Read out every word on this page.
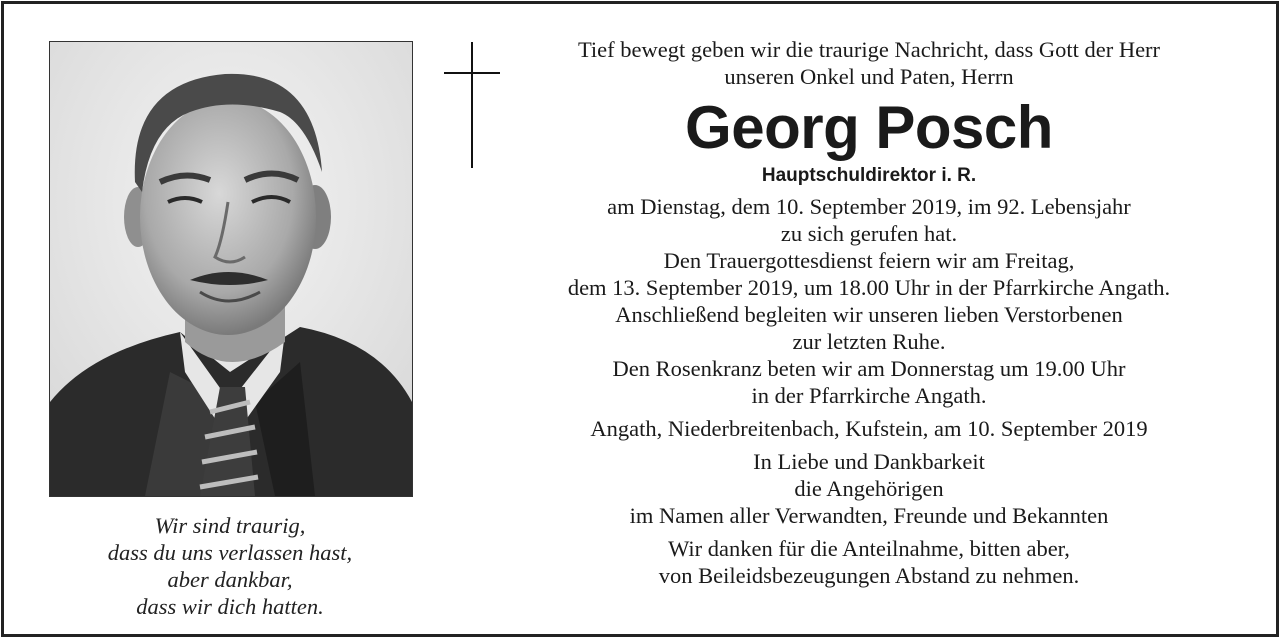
Wir sind traurig,
dass du uns verlassen hast,
aber dankbar,
dass wir dich hatten.
Tief bewegt geben wir die traurige Nachricht, dass Gott der Herr
unseren Onkel und Paten, Herrn
Georg Posch
Hauptschuldirektor i. R.
am Dienstag, dem 10. September 2019, im 92. Lebensjahr
zu sich gerufen hat.
Den Trauergottesdienst feiern wir am Freitag,
dem 13. September 2019, um 18.00 Uhr in der Pfarrkirche Angath.
Anschließend begleiten wir unseren lieben Verstorbenen
zur letzten Ruhe.
Den Rosenkranz beten wir am Donnerstag um 19.00 Uhr
in der Pfarrkirche Angath.
Angath, Niederbreitenbach, Kufstein, am 10. September 2019
In Liebe und Dankbarkeit
die Angehörigen
im Namen aller Verwandten, Freunde und Bekannten
Wir danken für die Anteilnahme, bitten aber,
von Beileidsbezeugungen Abstand zu nehmen.
